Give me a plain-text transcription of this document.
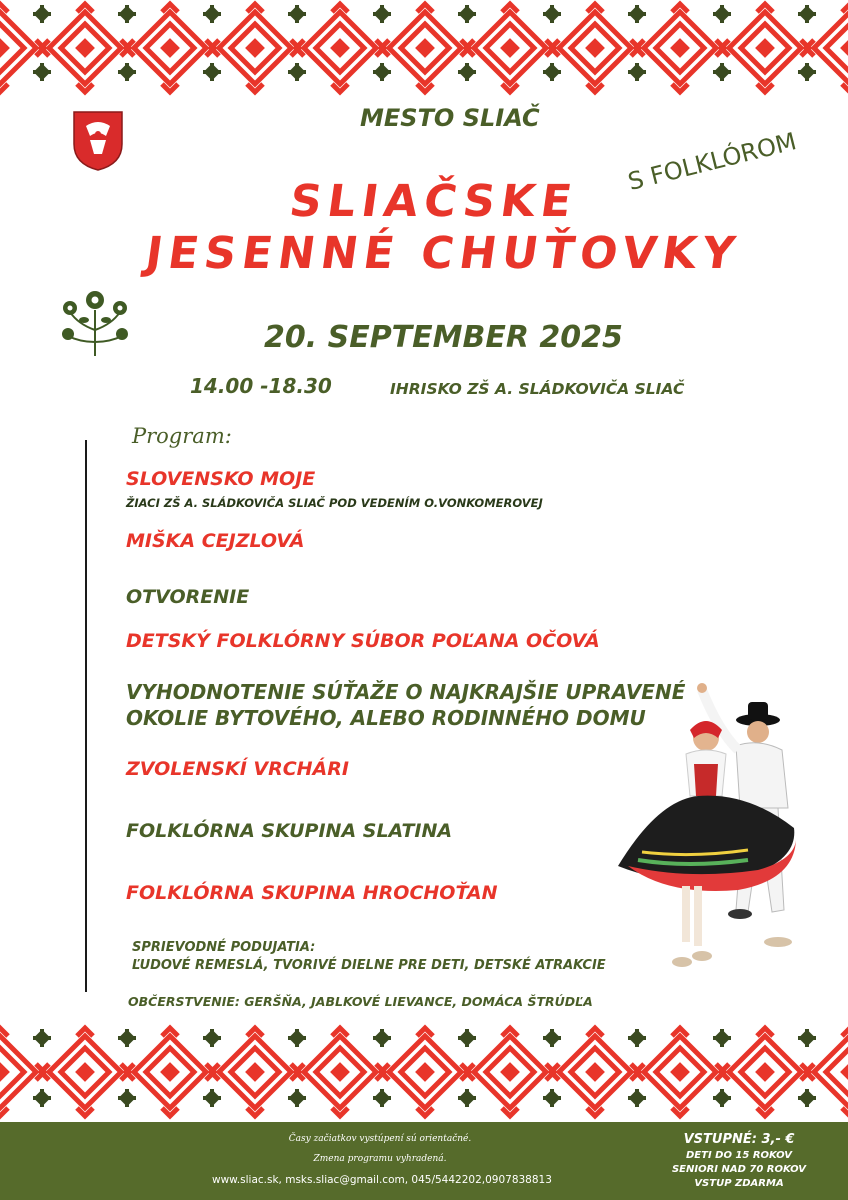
MESTO SLIAČ
SLIAČSKE
JESENNÉ CHUŤOVKY
S FOLKLÓROM
20. SEPTEMBER 2025
14.00 -18.30	IHRISKO ZŠ A. SLÁDKOVIČA SLIAČ
Program:
SLOVENSKO MOJE
ŽIACI ZŠ A. SLÁDKOVIČA SLIAČ POD VEDENÍM O.VONKOMEROVEJ
MIŠKA CEJZLOVÁ
OTVORENIE
DETSKÝ FOLKLÓRNY SÚBOR POĽANA OČOVÁ
VYHODNOTENIE SÚŤAŽE O NAJKRAJŠIE UPRAVENÉ
OKOLIE BYTOVÉHO, ALEBO RODINNÉHO DOMU
ZVOLENSKÍ VRCHÁRI
FOLKLÓRNA SKUPINA SLATINA
FOLKLÓRNA SKUPINA HROCHOŤAN
SPRIEVODNÉ PODUJATIA:
ĽUDOVÉ REMESLÁ, TVORIVÉ DIELNE PRE DETI, DETSKÉ ATRAKCIE
OBČERSTVENIE: GERŠŇA, JABLKOVÉ LIEVANCE, DOMÁCA ŠTRÚDĽA
Časy začiatkov vystúpení sú orientačné.
Zmena programu vyhradená.
www.sliac.sk, msks.sliac@gmail.com, 045/5442202,0907838813
VSTUPNÉ: 3,- €
DETI DO 15 ROKOV
SENIORI NAD 70 ROKOV
VSTUP ZDARMA
